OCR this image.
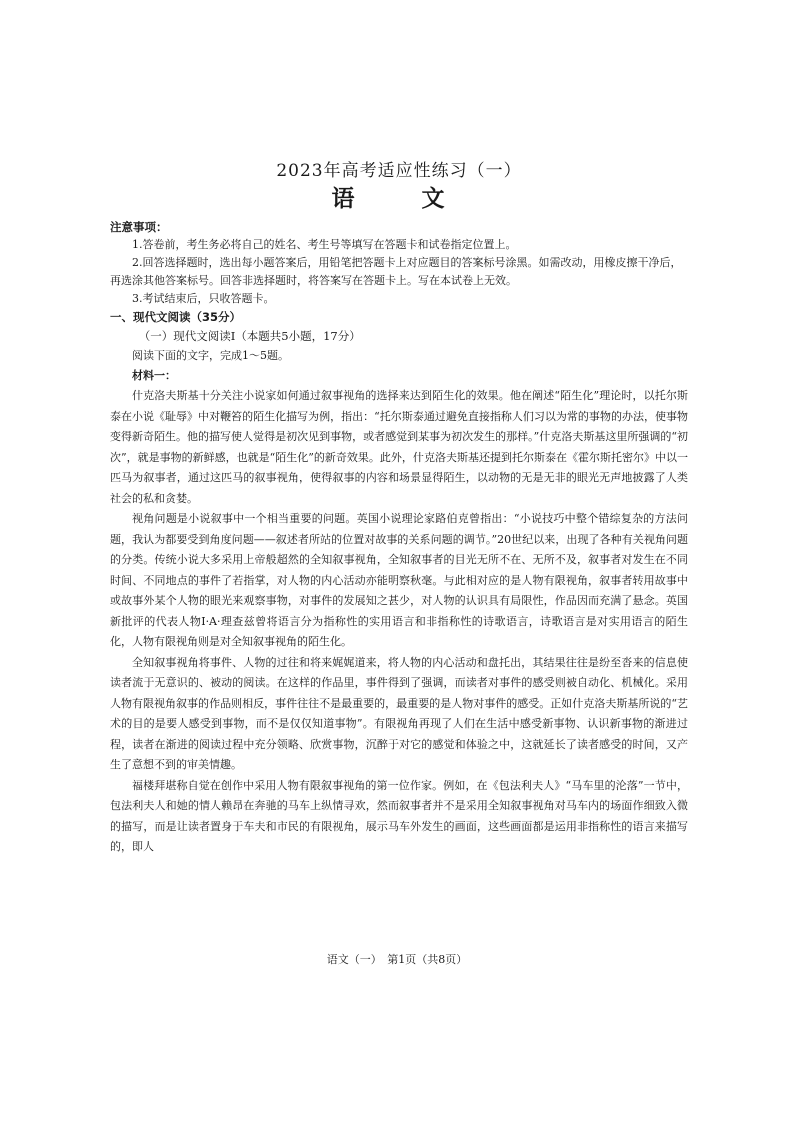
2023年高考适应性练习（一）

语　文

注意事项：

1.答卷前，考生务必将自己的姓名、考生号等填写在答题卡和试卷指定位置上。

2.回答选择题时，选出每小题答案后，用铅笔把答题卡上对应题目的答案标号涂黑。如需改动，用橡皮擦干净后，再选涂其他答案标号。回答非选择题时，将答案写在答题卡上。写在本试卷上无效。

3.考试结束后，只收答题卡。

一、现代文阅读（35分）

（一）现代文阅读Ⅰ（本题共5小题，17分）

阅读下面的文字，完成1～5题。

材料一：

什克洛夫斯基十分关注小说家如何通过叙事视角的选择来达到陌生化的效果。他在阐述“陌生化”理论时，以托尔斯泰在小说《耻辱》中对鞭笞的陌生化描写为例，指出：“托尔斯泰通过避免直接指称人们习以为常的事物的办法，使事物变得新奇陌生。他的描写使人觉得是初次见到事物，或者感觉到某事为初次发生的那样。”什克洛夫斯基这里所强调的“初次”，就是事物的新鲜感，也就是“陌生化”的新奇效果。此外，什克洛夫斯基还提到托尔斯泰在《霍尔斯托密尔》中以一匹马为叙事者，通过这匹马的叙事视角，使得叙事的内容和场景显得陌生，以动物的无是无非的眼光无声地披露了人类社会的私和贪婪。

视角问题是小说叙事中一个相当重要的问题。英国小说理论家路伯克曾指出：“小说技巧中整个错综复杂的方法问题，我认为都要受到角度问题——叙述者所站的位置对故事的关系问题的调节。”20世纪以来，出现了各种有关视角问题的分类。传统小说大多采用上帝般超然的全知叙事视角，全知叙事者的目光无所不在、无所不及，叙事者对发生在不同时间、不同地点的事件了若指掌，对人物的内心活动亦能明察秋毫。与此相对应的是人物有限视角，叙事者转用故事中或故事外某个人物的眼光来观察事物，对事件的发展知之甚少，对人物的认识具有局限性，作品因而充满了悬念。英国新批评的代表人物I·A·理查兹曾将语言分为指称性的实用语言和非指称性的诗歌语言，诗歌语言是对实用语言的陌生化，人物有限视角则是对全知叙事视角的陌生化。

全知叙事视角将事件、人物的过往和将来娓娓道来，将人物的内心活动和盘托出，其结果往往是纷至沓来的信息使读者流于无意识的、被动的阅读。在这样的作品里，事件得到了强调，而读者对事件的感受则被自动化、机械化。采用人物有限视角叙事的作品则相反，事件往往不是最重要的，最重要的是人物对事件的感受。正如什克洛夫斯基所说的“艺术的目的是要人感受到事物，而不是仅仅知道事物”。有限视角再现了人们在生活中感受新事物、认识新事物的渐进过程，读者在渐进的阅读过程中充分领略、欣赏事物，沉醉于对它的感觉和体验之中，这就延长了读者感受的时间，又产生了意想不到的审美情趣。

福楼拜堪称自觉在创作中采用人物有限叙事视角的第一位作家。例如，在《包法利夫人》“马车里的沦落”一节中，包法利夫人和她的情人赖昂在奔驰的马车上纵情寻欢，然而叙事者并不是采用全知叙事视角对马车内的场面作细致入微的描写，而是让读者置身于车夫和市民的有限视角，展示马车外发生的画面，这些画面都是运用非指称性的语言来描写的，即人

语文（一）　第1页（共8页）
